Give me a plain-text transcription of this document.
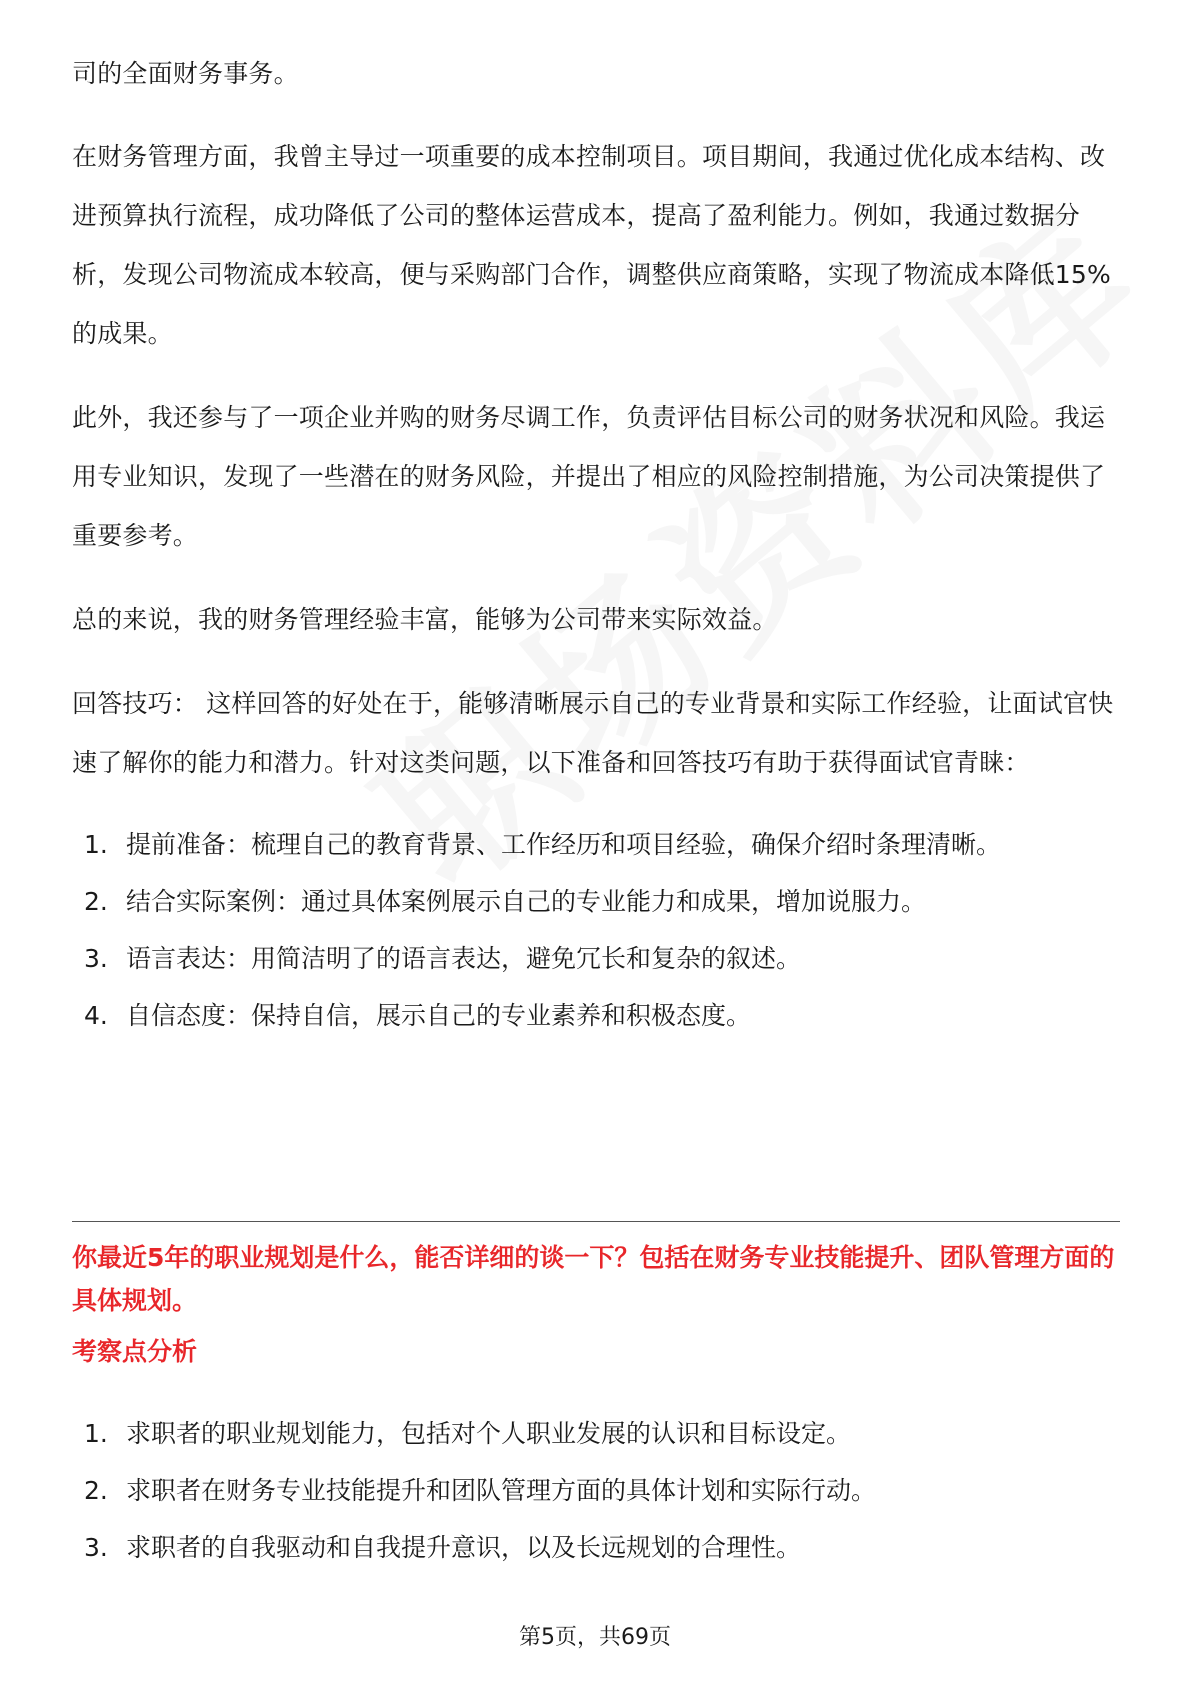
司的全面财务事务。

在财务管理方面，我曾主导过一项重要的成本控制项目。项目期间，我通过优化成本结构、改进预算执行流程，成功降低了公司的整体运营成本，提高了盈利能力。例如，我通过数据分析，发现公司物流成本较高，便与采购部门合作，调整供应商策略，实现了物流成本降低15%的成果。

此外，我还参与了一项企业并购的财务尽调工作，负责评估目标公司的财务状况和风险。我运用专业知识，发现了一些潜在的财务风险，并提出了相应的风险控制措施，为公司决策提供了重要参考。

总的来说，我的财务管理经验丰富，能够为公司带来实际效益。

回答技巧： 这样回答的好处在于，能够清晰展示自己的专业背景和实际工作经验，让面试官快速了解你的能力和潜力。针对这类问题，以下准备和回答技巧有助于获得面试官青睐：

1. 提前准备：梳理自己的教育背景、工作经历和项目经验，确保介绍时条理清晰。
2. 结合实际案例：通过具体案例展示自己的专业能力和成果，增加说服力。
3. 语言表达：用简洁明了的语言表达，避免冗长和复杂的叙述。
4. 自信态度：保持自信，展示自己的专业素养和积极态度。
你最近5年的职业规划是什么，能否详细的谈一下？包括在财务专业技能提升、团队管理方面的具体规划。
考察点分析
1. 求职者的职业规划能力，包括对个人职业发展的认识和目标设定。
2. 求职者在财务专业技能提升和团队管理方面的具体计划和实际行动。
3. 求职者的自我驱动和自我提升意识，以及长远规划的合理性。
第5页，共69页
